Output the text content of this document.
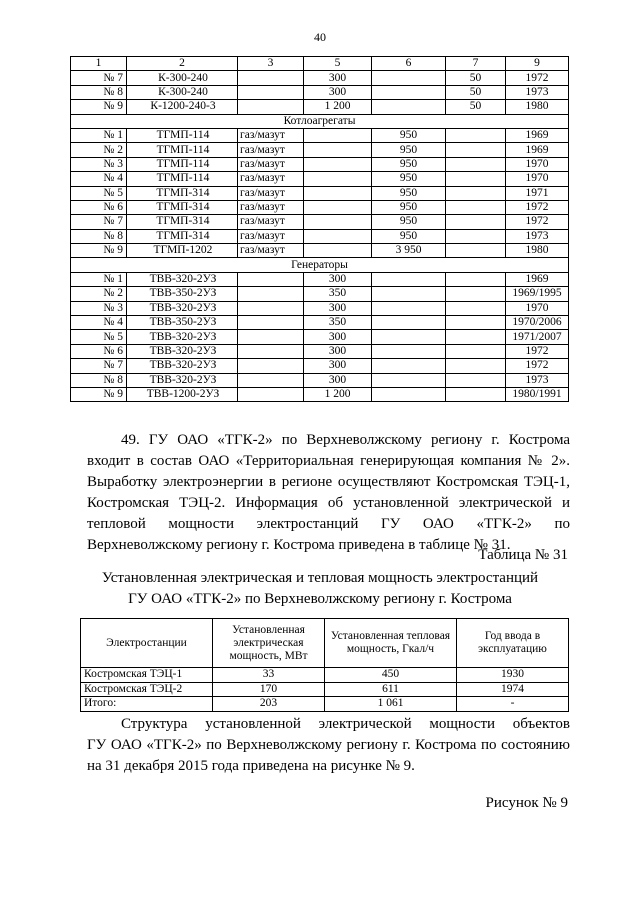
40
1	2	3	5	6	7	9
№ 7	К-300-240		300		50	1972
№ 8	К-300-240		300		50	1973
№ 9	К-1200-240-3		1 200		50	1980
Котлоагрегаты						
№ 1	ТГМП-114	газ/мазут		950		1969
№ 2	ТГМП-114	газ/мазут		950		1969
№ 3	ТГМП-114	газ/мазут		950		1970
№ 4	ТГМП-114	газ/мазут		950		1970
№ 5	ТГМП-314	газ/мазут		950		1971
№ 6	ТГМП-314	газ/мазут		950		1972
№ 7	ТГМП-314	газ/мазут		950		1972
№ 8	ТГМП-314	газ/мазут		950		1973
№ 9	ТГМП-1202	газ/мазут		3 950		1980
Генераторы						
№ 1	ТВВ-320-2УЗ		300			1969
№ 2	ТВВ-350-2УЗ		350			1969/1995
№ 3	ТВВ-320-2УЗ		300			1970
№ 4	ТВВ-350-2УЗ		350			1970/2006
№ 5	ТВВ-320-2УЗ		300			1971/2007
№ 6	ТВВ-320-2УЗ		300			1972
№ 7	ТВВ-320-2УЗ		300			1972
№ 8	ТВВ-320-2УЗ		300			1973
№ 9	ТВВ-1200-2УЗ		1 200			1980/1991
49. ГУ ОАО «ТГК-2» по Верхневолжскому региону г. Кострома
входит в состав ОАО «Территориальная генерирующая компания № 2».
Выработку электроэнергии в регионе осуществляют Костромская ТЭЦ-1,
Костромская ТЭЦ-2. Информация об установленной электрической и
тепловой мощности электростанций ГУ ОАО «ТГК-2» по
Верхневолжскому региону г. Кострома приведена в таблице № 31.
Таблица № 31
Установленная электрическая и тепловая мощность электростанций
ГУ ОАО «ТГК-2» по Верхневолжскому региону г. Кострома
Электростанции	Установленная электрическая мощность, МВт	Установленная тепловая мощность, Гкал/ч	Год ввода в эксплуатацию
Костромская ТЭЦ-1	33	450	1930
Костромская ТЭЦ-2	170	611	1974
Итого:	203	1 061	-
Структура установленной электрической мощности объектов
ГУ ОАО «ТГК-2» по Верхневолжскому региону г. Кострома по состоянию
на 31 декабря 2015 года приведена на рисунке № 9.
Рисунок № 9
